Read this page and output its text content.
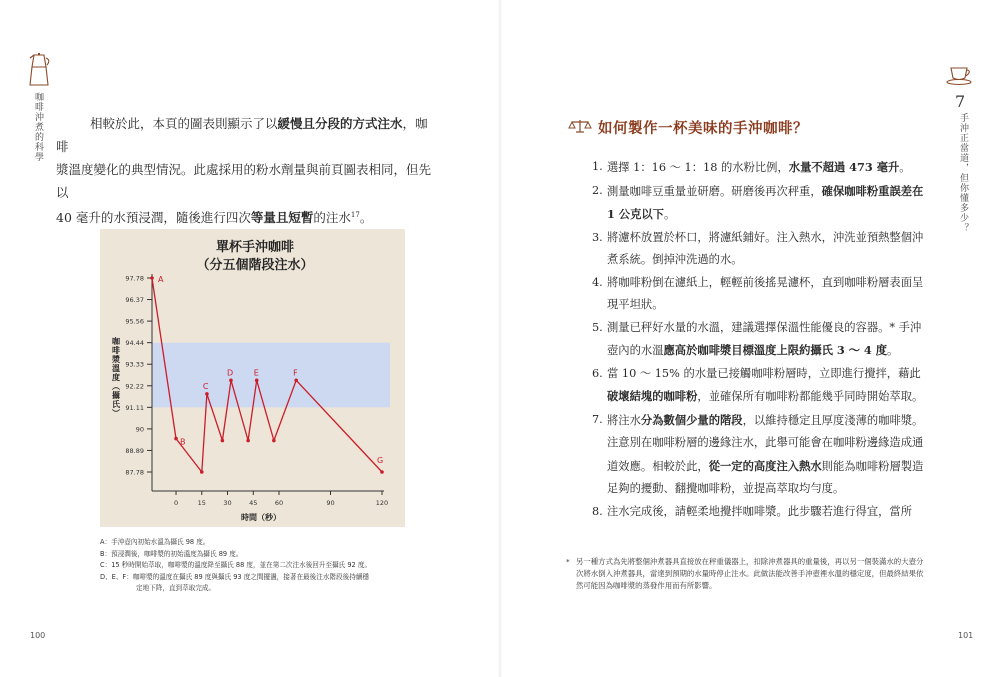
咖啡沖煮的科學	相較於此，本頁的圖表則顯示了以緩慢且分段的方式注水，咖啡

漿溫度變化的典型情況。此處採用的粉水劑量與前頁圖表相同，但先以

40 毫升的水預浸潤，隨後進行四次等量且短暫的注水$^{17}$。

單杯手沖咖啡
（分五個階段注水）
97.78
96.37
95.56
94.44
93.33
92.22
91.11
90
88.89
87.78
0	15	30	45	60	90	120
時間（秒）
咖啡漿溫度（攝氏）
A
B
C
D	E	F
G
A：手沖壺內初始水溫為攝氏 98 度。
B：預浸潤後，咖啡漿的初始溫度為攝氏 89 度。
C：15 秒時開始萃取，咖啡漿的溫度降至攝氏 88 度，並在第二次注水後回升至攝氏 92 度。
D、E、F：咖啡漿的溫度在攝氏 89 度與攝氏 93 度之間擺盪，接著在最後注水階段後持續穩
定地下降，直到萃取完成。
100
7
手沖正當道，但你懂多少？
如何製作一杯美味的手沖咖啡？
1. 選擇 1：16 ～ 1：18 的水粉比例，水量不超過 473 毫升。
2. 測量咖啡豆重量並研磨。研磨後再次秤重，確保咖啡粉重誤差在 1 公克以下。
3. 將濾杯放置於杯口，將濾紙鋪好。注入熱水，沖洗並預熱整個沖煮系統。倒掉沖洗過的水。
4. 將咖啡粉倒在濾紙上，輕輕前後搖晃濾杯，直到咖啡粉層表面呈現平坦狀。
5. 測量已秤好水量的水溫，建議選擇保溫性能優良的容器。* 手沖壺內的水溫應高於咖啡漿目標溫度上限約攝氏 3 ～ 4 度。
6. 當 10 ～ 15% 的水量已接觸咖啡粉層時，立即進行攪拌，藉此破壞結塊的咖啡粉，並確保所有咖啡粉都能幾乎同時開始萃取。
7. 將注水分為數個少量的階段，以維持穩定且厚度淺薄的咖啡漿。注意別在咖啡粉層的邊緣注水，此舉可能會在咖啡粉邊緣造成通道效應。相較於此，從一定的高度注入熱水則能為咖啡粉層製造足夠的擾動、翻攪咖啡粉，並提高萃取均勻度。
8. 注水完成後，請輕柔地攪拌咖啡漿。此步驟若進行得宜，當所
* 另一種方式為先將整個沖煮器具直接放在秤重儀器上，扣除沖煮器具的重量後，再以另一個裝滿水的大壺分次將水倒入沖煮器具，當達到預期的水量時停止注水。此做法能改善手沖壺裡水溫的穩定度，但最終結果依然可能因為咖啡漿的蒸發作用而有所影響。
101
